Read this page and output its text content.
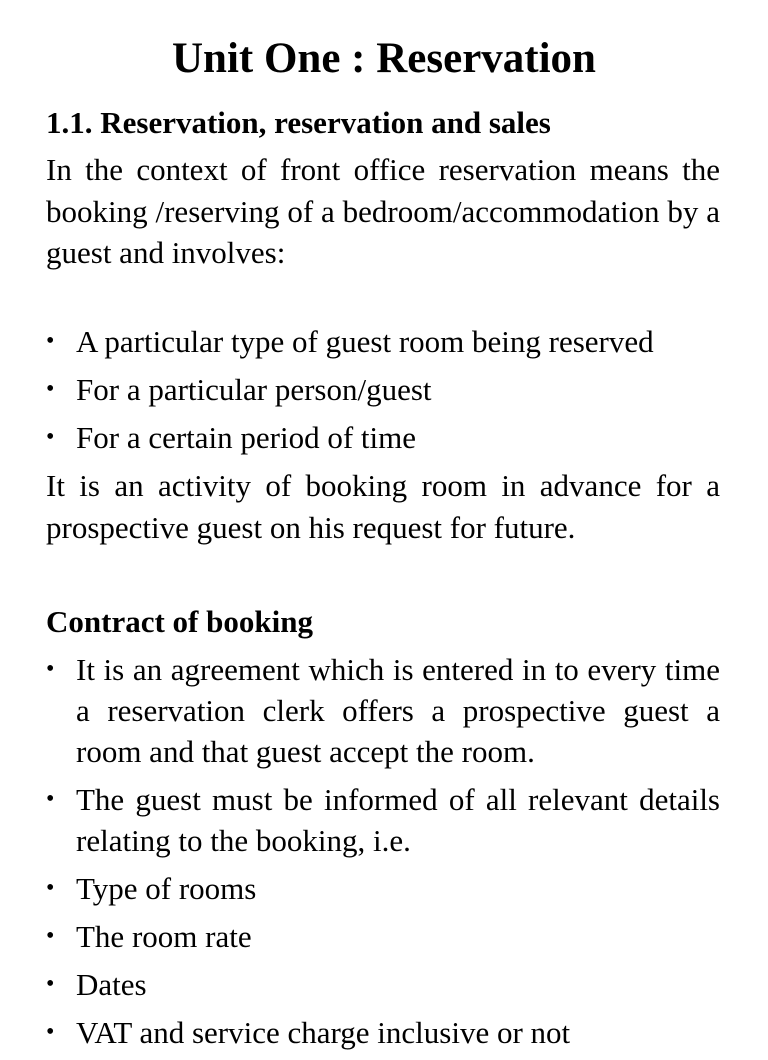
Unit One : Reservation
1.1. Reservation, reservation and sales

In the context of front office reservation means the booking /reserving of a bedroom/accommodation by a guest and involves:

• A particular type of guest room being reserved
• For a particular person/guest
• For a certain period of time

It is an activity of booking room in advance for a prospective guest on his request for future.

Contract of booking
• It is an agreement which is entered in to every time a reservation clerk offers a prospective guest a room and that guest accept the room.
• The guest must be informed of all relevant details relating to the booking, i.e.
• Type of rooms
• The room rate
• Dates
• VAT and service charge inclusive or not
